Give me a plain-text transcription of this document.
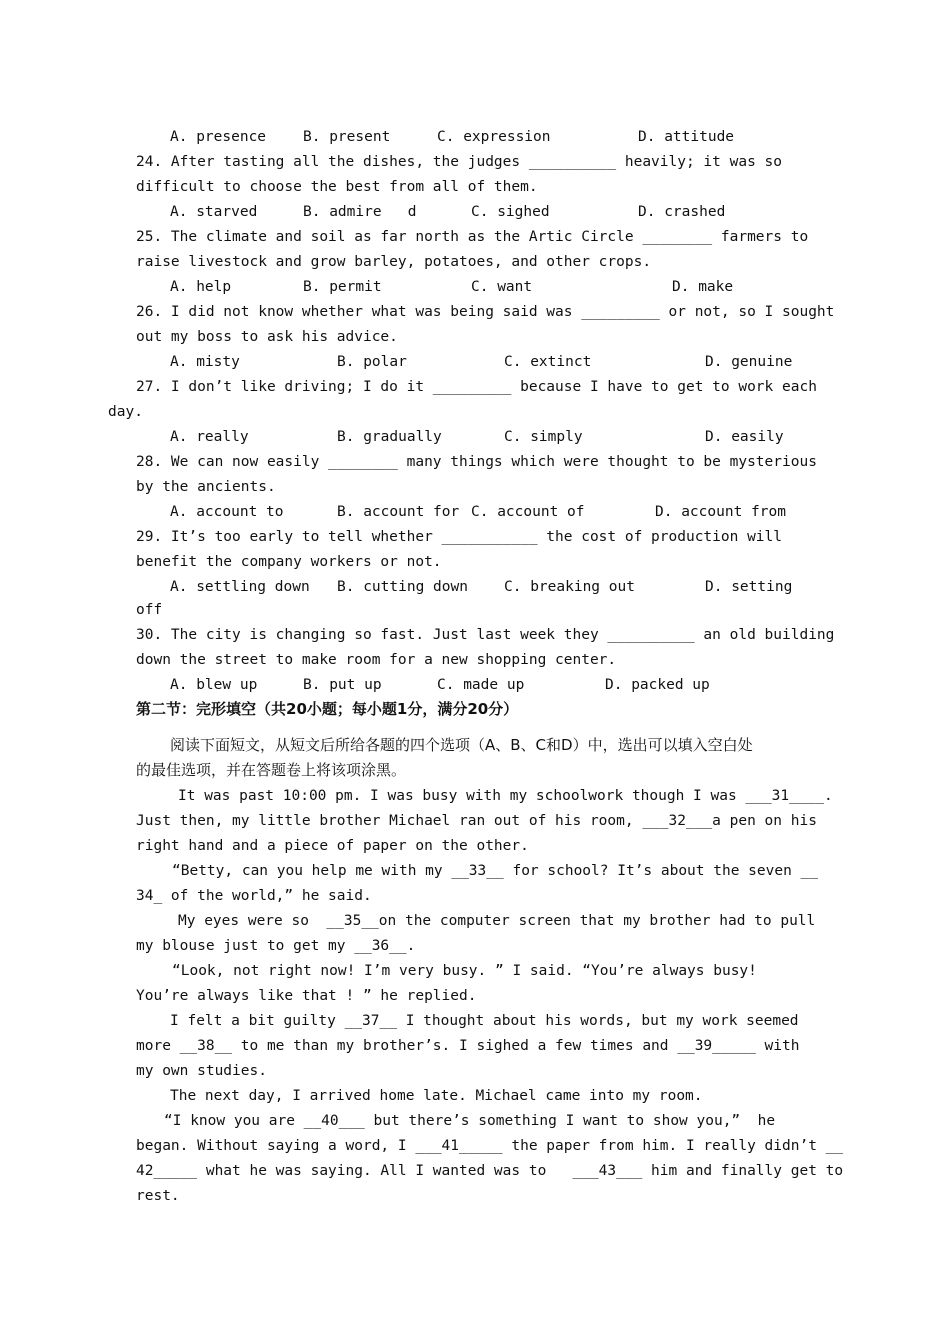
A. presence	B. present	C. expression	D. attitude
24. After tasting all the dishes, the judges __________ heavily; it was so
difficult to choose the best from all of them.
A. starved	B. admire   d	C. sighed	D. crashed
25. The climate and soil as far north as the Artic Circle ________ farmers to
raise livestock and grow barley, potatoes, and other crops.
A. help	B. permit	C. want	D. make
26. I did not know whether what was being said was _________ or not, so I sought
out my boss to ask his advice.
A. misty	B. polar	C. extinct	D. genuine
27. I don’t like driving; I do it _________ because I have to get to work each
day.
A. really	B. gradually	C. simply	D. easily
28. We can now easily ________ many things which were thought to be mysterious
by the ancients.
A. account to	B. account for C. account of	D. account from
29. It’s too early to tell whether ___________ the cost of production will
benefit the company workers or not.
A. settling down B. cutting down C. breaking out	D. setting
off
30. The city is changing so fast. Just last week they __________ an old building
down the street to make room for a new shopping center.
A. blew up	B. put up	C. made up	D. packed up
第二节：完形填空（共20小题；每小题1分，满分20分）
阅读下面短文，从短文后所给各题的四个选项（A、B、C和D）中，选出可以填入空白处
的最佳选项，并在答题卷上将该项涂黑。
It was past 10:00 pm. I was busy with my schoolwork though I was ___31____.
Just then, my little brother Michael ran out of his room, ___32___a pen on his
right hand and a piece of paper on the other.
“Betty, can you help me with my __33__ for school? It’s about the seven __
34_ of the world,” he said.
My eyes were so  __35__on the computer screen that my brother had to pull
my blouse just to get my __36__.
“Look, not right now! I’m very busy. ” I said. “You’re always busy!
You’re always like that ! ” he replied.
I felt a bit guilty __37__ I thought about his words, but my work seemed
more __38__ to me than my brother’s. I sighed a few times and __39_____ with
my own studies.
The next day, I arrived home late. Michael came into my room.
“I know you are __40___ but there’s something I want to show you,”  he
began. Without saying a word, I ___41_____ the paper from him. I really didn’t __
42_____ what he was saying. All I wanted was to   ___43___ him and finally get to
rest.
